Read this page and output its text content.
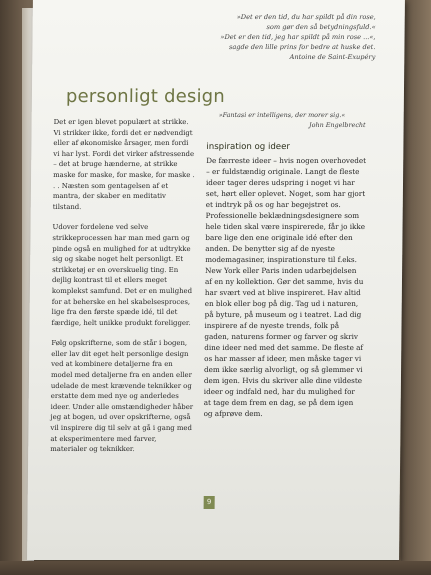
»Det er den tid, du har spildt på din rose,
som gør den så betydningsfuld.«
»Det er den tid, jeg har spildt på min rose ...«,
sagde den lille prins for bedre at huske det.
Antoine de Saint-Exupéry
personligt design

Det er igen blevet populært at strikke. Vi strikker ikke, fordi det er nødvendigt eller af økonomiske årsager, men fordi vi har lyst. Fordi det virker afstressende – det at bruge hænderne, at strikke maske for maske, for maske, for maske . . . Næsten som gentagelsen af et mantra, der skaber en meditativ tilstand.

Udover fordelene ved selve strikkeprocessen har man med garn og pinde også en mulighed for at udtrykke sig og skabe noget helt personligt. Et strikketøj er en overskuelig ting. En dejlig kontrast til et ellers meget komplekst samfund. Det er en mulighed for at beherske en hel skabelsesproces, lige fra den første spæde idé, til det færdige, helt unikke produkt foreligger.

Følg opskrifterne, som de står i bogen, eller lav dit eget helt personlige design ved at kombinere detaljerne fra en model med detaljerne fra en anden eller udelade de mest krævende teknikker og erstatte dem med nye og anderledes ideer. Under alle omstændigheder håber jeg at bogen, ud over opskrifterne, også vil inspirere dig til selv at gå i gang med at eksperimentere med farver, materialer og teknikker.

»Fantasi er intelligens, der morer sig.«
John Engelbrecht
inspiration og ideer

De færreste ideer – hvis nogen overhovedet – er fuldstændig originale. Langt de fleste ideer tager deres udspring i noget vi har set, hørt eller oplevet. Noget, som har gjort et indtryk på os og har begejstret os. Professionelle beklædningsdesignere som hele tiden skal være inspirerede, får jo ikke bare lige den ene originale idé efter den anden. De benytter sig af de nyeste modemagasiner, inspirationsture til f.eks. New York eller Paris inden udarbejdelsen af en ny kollektion. Gør det samme, hvis du har svært ved at blive inspireret. Hav altid en blok eller bog på dig. Tag ud i naturen, på byture, på museum og i teatret. Lad dig inspirere af de nyeste trends, folk på gaden, naturens former og farver og skriv dine ideer ned med det samme. De fleste af os har masser af ideer, men måske tager vi dem ikke særlig alvorligt, og så glemmer vi dem igen. Hvis du skriver alle dine vildeste ideer og indfald ned, har du mulighed for at tage dem frem en dag, se på dem igen og afprøve dem.

9
